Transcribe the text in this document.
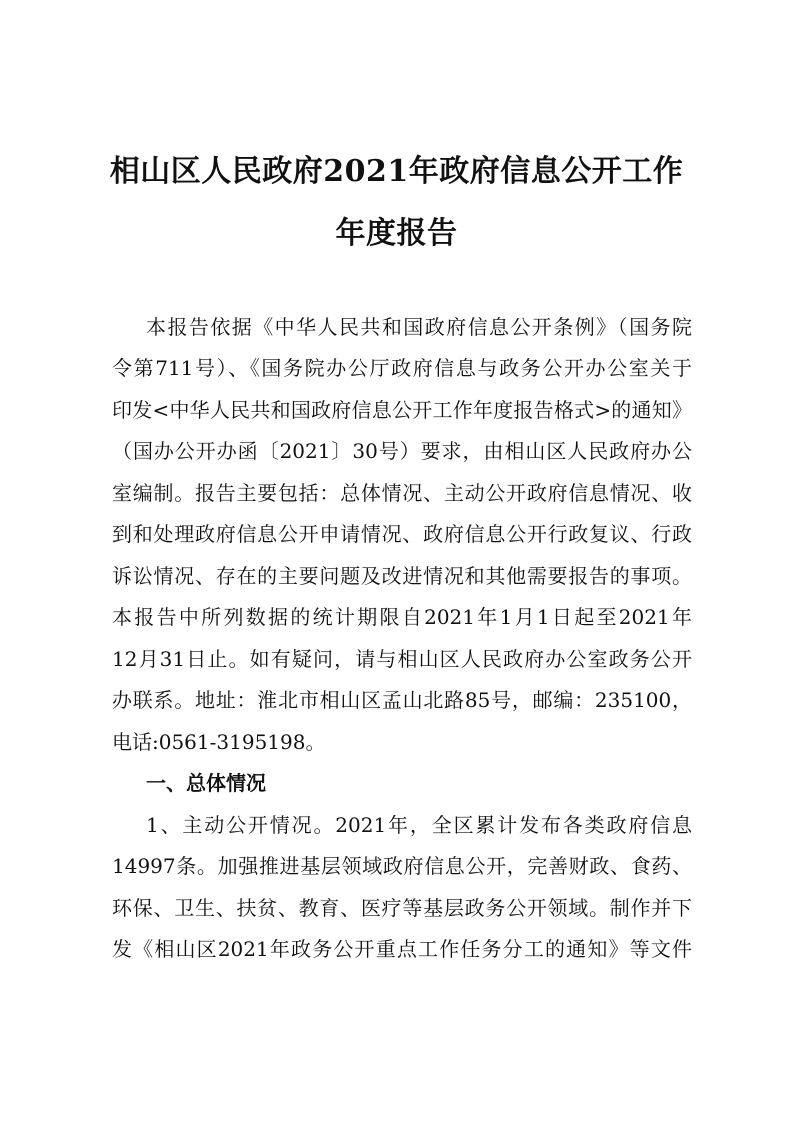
相山区人民政府2021年政府信息公开工作
年度报告
本报告依据《中华人民共和国政府信息公开条例》（国务院
令第711号）、《国务院办公厅政府信息与政务公开办公室关于
印发<中华人民共和国政府信息公开工作年度报告格式>的通知》
（国办公开办函〔2021〕30号）要求，由相山区人民政府办公
室编制。报告主要包括：总体情况、主动公开政府信息情况、收
到和处理政府信息公开申请情况、政府信息公开行政复议、行政
诉讼情况、存在的主要问题及改进情况和其他需要报告的事项。
本报告中所列数据的统计期限自2021年1月1日起至2021年
12月31日止。如有疑问，请与相山区人民政府办公室政务公开
办联系。地址：淮北市相山区孟山北路85号，邮编：235100，
电话:0561-3195198。
一、总体情况
1、主动公开情况。2021年，全区累计发布各类政府信息
14997条。加强推进基层领域政府信息公开，完善财政、食药、
环保、卫生、扶贫、教育、医疗等基层政务公开领域。制作并下
发《相山区2021年政务公开重点工作任务分工的通知》等文件
